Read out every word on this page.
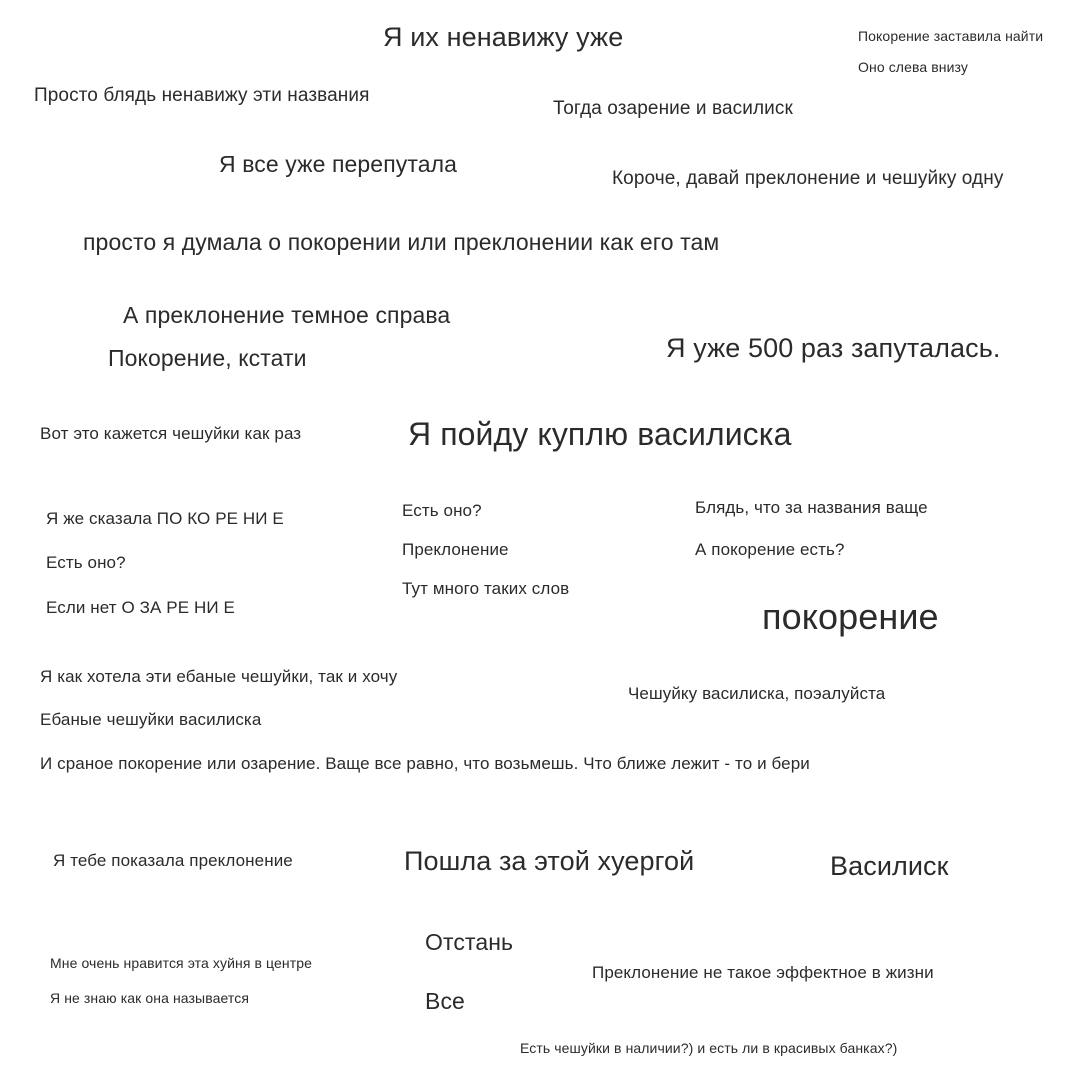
Я их ненавижу уже	Покорение заставила найти
Оно слева внизу
Просто блядь ненавижу эти названия
Тогда озарение и василиск
Я все уже перепутала
Короче, давай преклонение и чешуйку одну
просто я думала о покорении или преклонении как его там
А преклонение темное справа
Покорение, кстати	Я уже 500 раз запуталась.
Вот это кажется чешуйки как раз	Я пойду куплю василиска
Я же сказала ПО КО РЕ НИ Е	Есть оно?	Блядь, что за названия ваще
Преклонение	А покорение есть?
Есть оно?
Тут много таких слов
Если нет О ЗА РЕ НИ Е	покорение
Я как хотела эти ебаные чешуйки, так и хочу
Чешуйку василиска, поэалуйста
Ебаные чешуйки василиска
И сраное покорение или озарение. Ваще все равно, что возьмешь. Что ближе лежит - то и бери
Я тебе показала преклонение	Пошла за этой хуергой	Василиск
Отстань
Мне очень нравится эта хуйня в центре	Преклонение не такое эффектное в жизни
Я не знаю как она называется	Все
Есть чешуйки в наличии?) и есть ли в красивых банках?)
